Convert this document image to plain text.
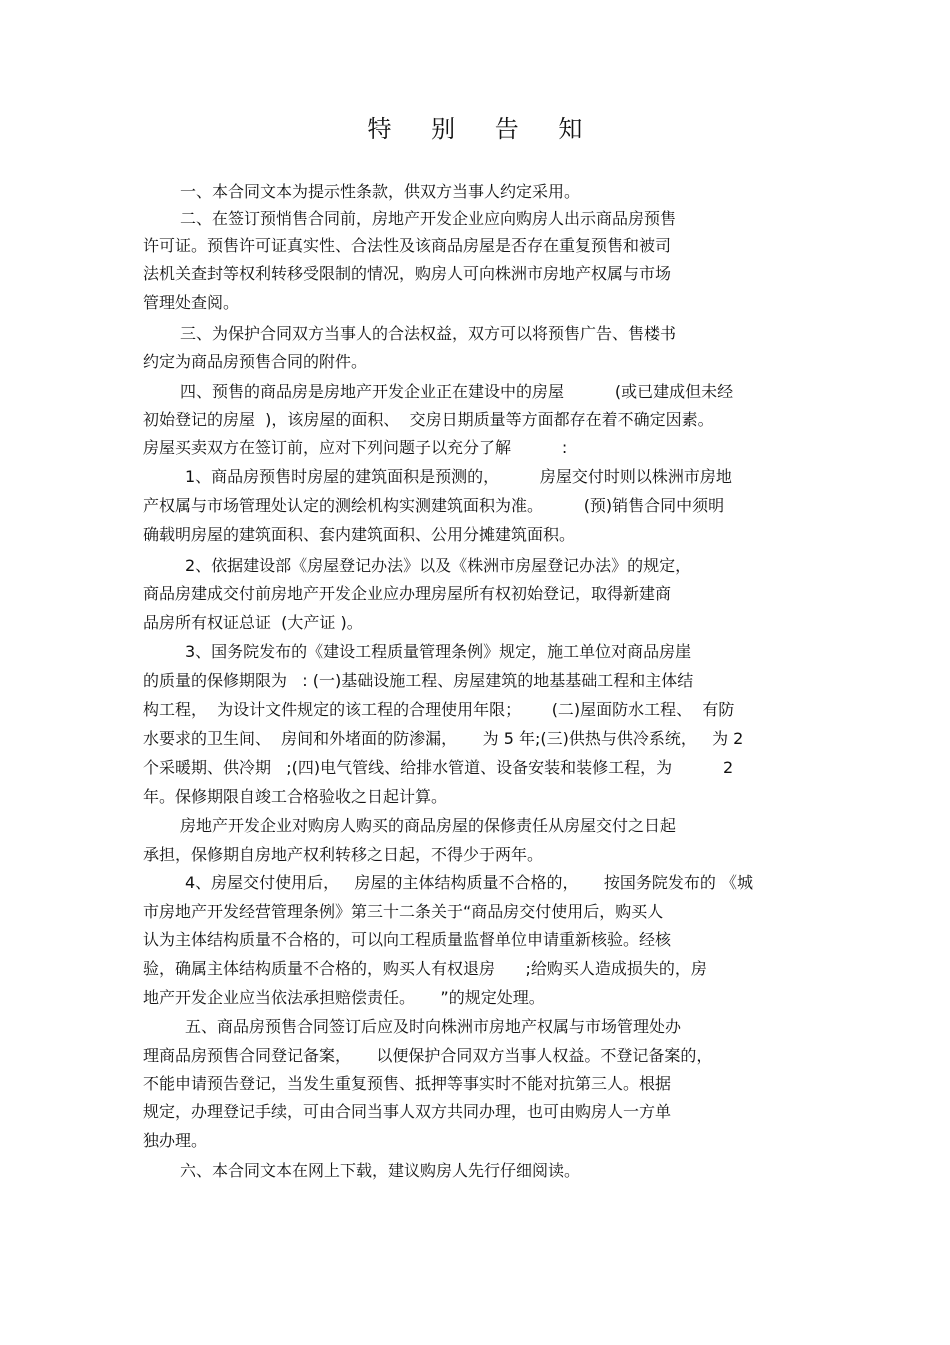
特 别 告 知
一、本合同文本为提示性条款，供双方当事人约定采用。
二、在签订预悄售合同前，房地产开发企业应向购房人出示商品房预售
许可证。预售许可证真实性、合法性及该商品房屋是否存在重复预售和被司
法机关查封等权利转移受限制的情况，购房人可向株洲市房地产权属与市场
管理处查阅。
三、为保护合同双方当事人的合法权益，双方可以将预售广告、售楼书
约定为商品房预售合同的附件。
四、预售的商品房是房地产开发企业正在建设中的房屋          (或已建成但未经
初始登记的房屋  )，该房屋的面积、  交房日期质量等方面都存在着不确定因素。
房屋买卖双方在签订前，应对下列问题子以充分了解          :
1、商品房预售时房屋的建筑面积是预测的，        房屋交付时则以株洲市房地
产权属与市场管理处认定的测绘机构实测建筑面积为准。        (预)销售合同中须明
确载明房屋的建筑面积、套内建筑面积、公用分摊建筑面积。
2、依据建设部《房屋登记办法》以及《株洲市房屋登记办法》的规定，
商品房建成交付前房地产开发企业应办理房屋所有权初始登记，取得新建商
品房所有权证总证  (大产证 )。
3、国务院发布的《建设工程质量管理条例》规定，施工单位对商品房崖
的质量的保修期限为   : (一)基础设施工程、房屋建筑的地基基础工程和主体结
构工程，  为设计文件规定的该工程的合理使用年限；      (二)屋面防水工程、  有防
水要求的卫生间、  房间和外堵面的防渗漏，     为 5 年;(三)供热与供冷系统，   为 2
个采暖期、供冷期   ;(四)电气管线、给排水管道、设备安装和装修工程，为          2
年。保修期限自竣工合格验收之日起计算。
房地产开发企业对购房人购买的商品房屋的保修责任从房屋交付之日起
承担，保修期自房地产权利转移之日起，不得少于两年。
4、房屋交付使用后，   房屋的主体结构质量不合格的，     按国务院发布的 《城
市房地产开发经营管理条例》第三十二条关于“商品房交付使用后，购买人
认为主体结构质量不合格的，可以向工程质量监督单位申请重新核验。经核
验，确属主体结构质量不合格的，购买人有权退房      ;给购买人造成损失的，房
地产开发企业应当依法承担赔偿责任。     ”的规定处理。
五、商品房预售合同签订后应及时向株洲市房地产权属与市场管理处办
理商品房预售合同登记备案，     以便保护合同双方当事人权益。不登记备案的，
不能申请预告登记，当发生重复预售、抵押等事实时不能对抗第三人。根据
规定，办理登记手续，可由合同当事人双方共同办理，也可由购房人一方单
独办理。
六、本合同文本在网上下载，建议购房人先行仔细阅读。
